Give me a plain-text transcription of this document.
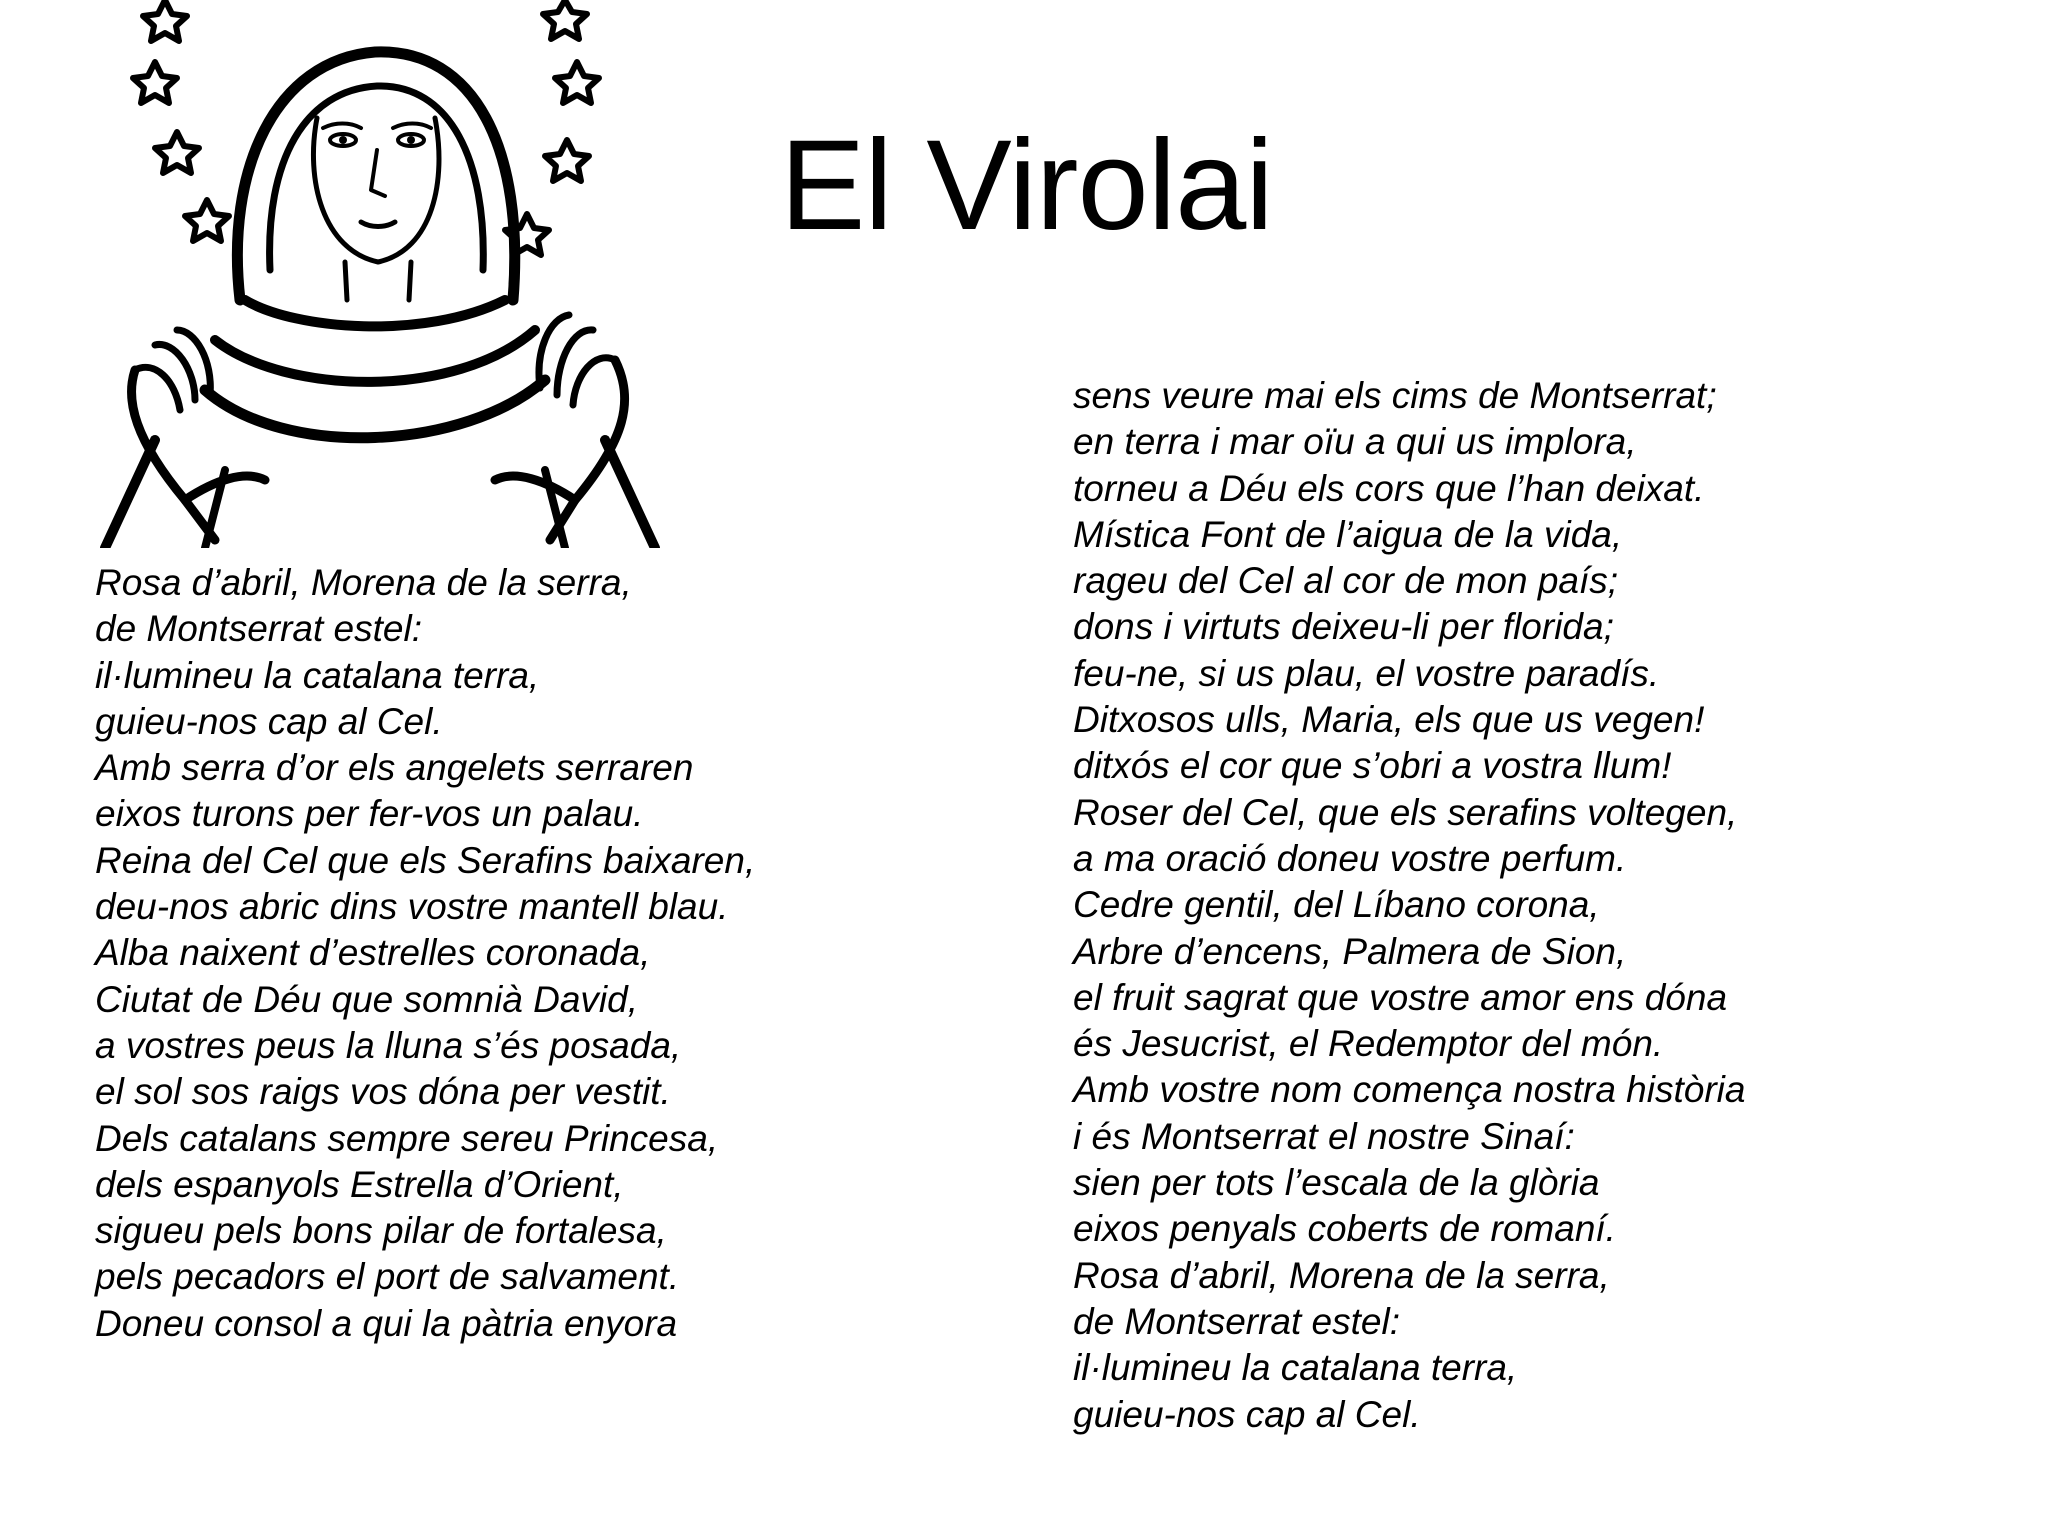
El Virolai
Rosa d’abril, Morena de la serra,
de Montserrat estel:
il·lumineu la catalana terra,
guieu-nos cap al Cel.
Amb serra d’or els angelets serraren
eixos turons per fer-vos un palau.
Reina del Cel que els Serafins baixaren,
deu-nos abric dins vostre mantell blau.
Alba naixent d’estrelles coronada,
Ciutat de Déu que somnià David,
a vostres peus la lluna s’és posada,
el sol sos raigs vos dóna per vestit.
Dels catalans sempre sereu Princesa,
dels espanyols Estrella d’Orient,
sigueu pels bons pilar de fortalesa,
pels pecadors el port de salvament.
Doneu consol a qui la pàtria enyora
sens veure mai els cims de Montserrat;
en terra i mar oïu a qui us implora,
torneu a Déu els cors que l’han deixat.
Mística Font de l’aigua de la vida,
rageu del Cel al cor de mon país;
dons i virtuts deixeu-li per florida;
feu-ne, si us plau, el vostre paradís.
Ditxosos ulls, Maria, els que us vegen!
ditxós el cor que s’obri a vostra llum!
Roser del Cel, que els serafins voltegen,
a ma oració doneu vostre perfum.
Cedre gentil, del Líbano corona,
Arbre d’encens, Palmera de Sion,
el fruit sagrat que vostre amor ens dóna
és Jesucrist, el Redemptor del món.
Amb vostre nom comença nostra història
i és Montserrat el nostre Sinaí:
sien per tots l’escala de la glòria
eixos penyals coberts de romaní.
Rosa d’abril, Morena de la serra,
de Montserrat estel:
il·lumineu la catalana terra,
guieu-nos cap al Cel.
